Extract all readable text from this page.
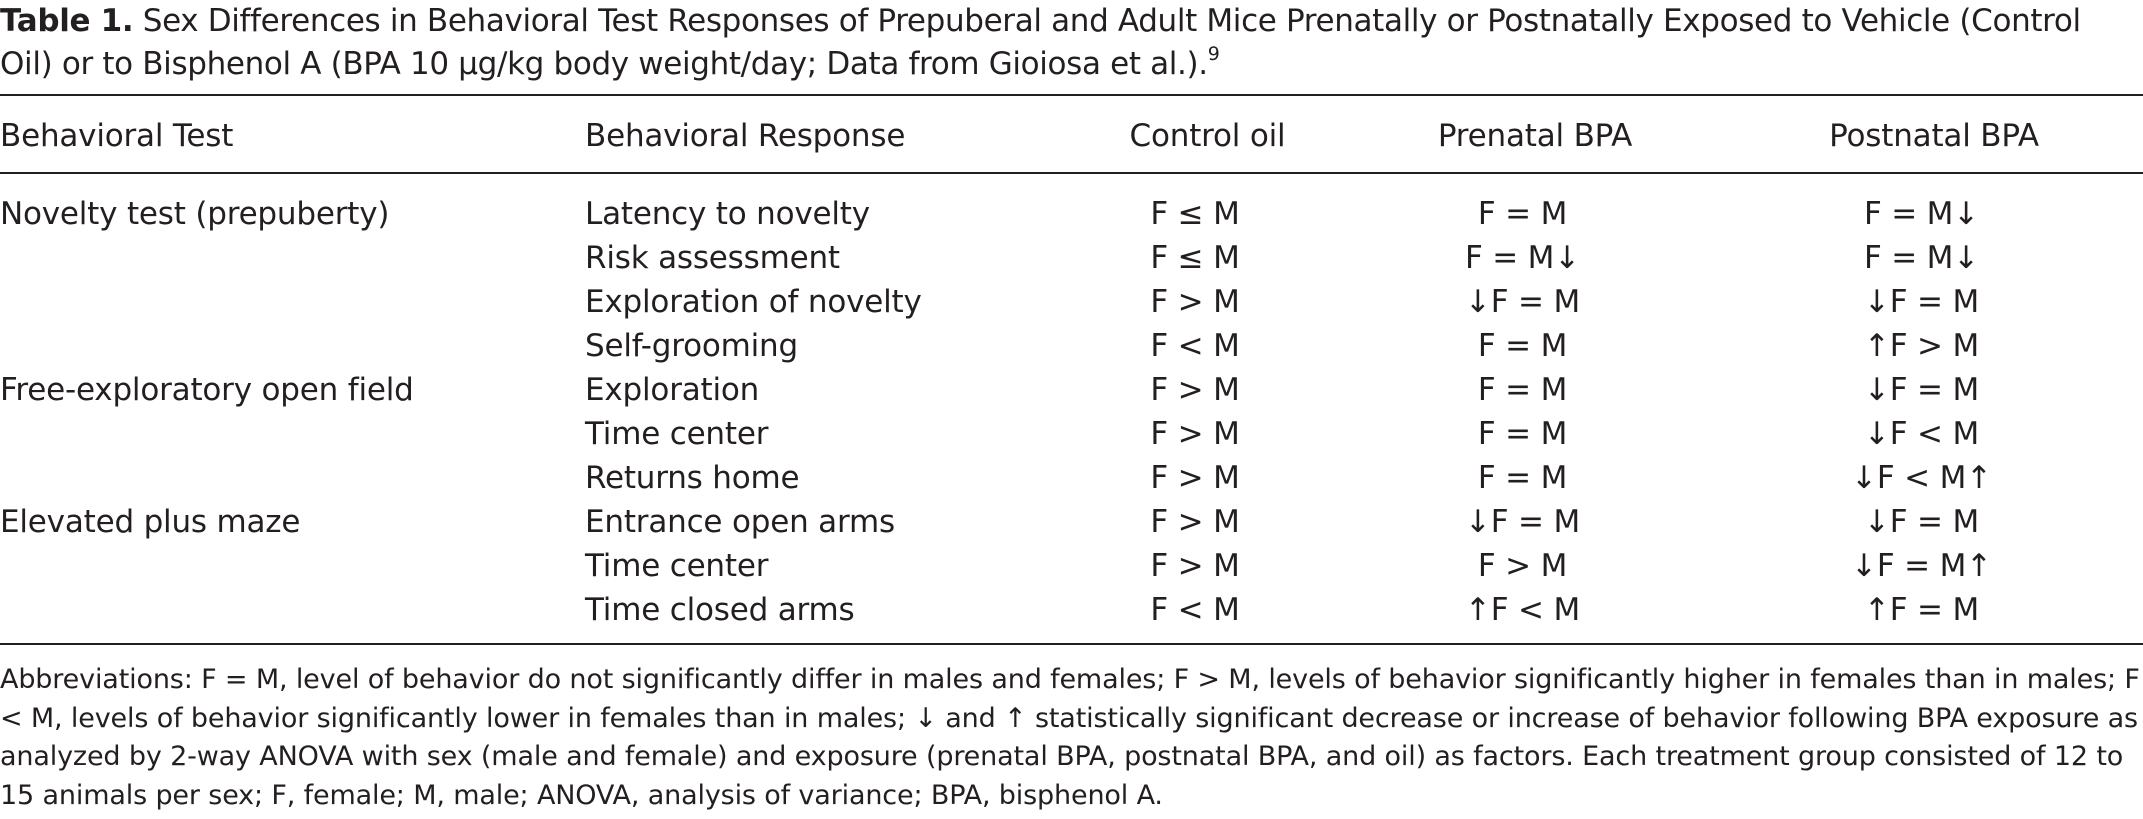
Table 1. Sex Differences in Behavioral Test Responses of Prepuberal and Adult Mice Prenatally or Postnatally Exposed to Vehicle (Control Oil) or to Bisphenol A (BPA 10 μg/kg body weight/day; Data from Gioiosa et al.).$^9$
Behavioral Test	Behavioral Response	Control oil	Prenatal BPA	Postnatal BPA
Novelty test (prepuberty)	Latency to novelty	F ≤ M	F = M	F = M↓
	Risk assessment	F ≤ M	F = M↓	F = M↓
	Exploration of novelty	F > M	↓F = M	↓F = M
	Self-grooming	F < M	F = M	↑F > M
Free-exploratory open field	Exploration	F > M	F = M	↓F = M
	Time center	F > M	F = M	↓F < M
	Returns home	F > M	F = M	↓F < M↑
Elevated plus maze	Entrance open arms	F > M	↓F = M	↓F = M
	Time center	F > M	F > M	↓F = M↑
	Time closed arms	F < M	↑F < M	↑F = M
Abbreviations: F = M, level of behavior do not significantly differ in males and females; F > M, levels of behavior significantly higher in females than in males; F < M, levels of behavior significantly lower in females than in males; ↓ and ↑ statistically significant decrease or increase of behavior following BPA exposure as analyzed by 2-way ANOVA with sex (male and female) and exposure (prenatal BPA, postnatal BPA, and oil) as factors. Each treatment group consisted of 12 to 15 animals per sex; F, female; M, male; ANOVA, analysis of variance; BPA, bisphenol A.
